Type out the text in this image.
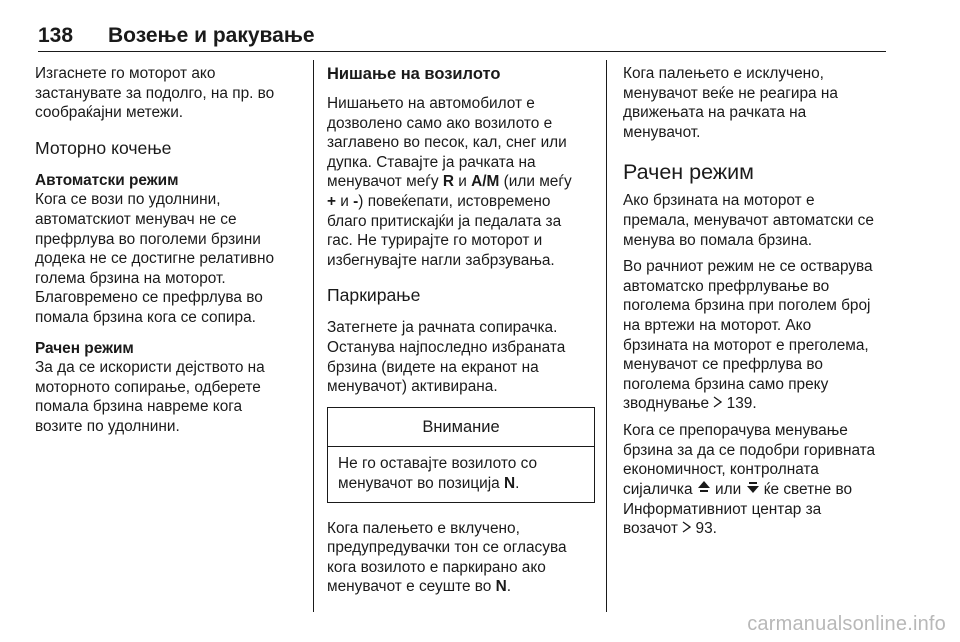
138 Возење и ракување

Изгаснете го моторот ако
застанувате за подолго, на пр. во
сообраќајни метежи.

Моторно кочење
Автоматски режим

Кога се вози по удолнини,
автоматскиот менувач не се
префрлува во поголеми брзини
додека не се достигне релативно
голема брзина на моторот.
Благовремено се префрлува во
помала брзина кога се сопира.

Рачен режим

За да се искористи дејството на
моторното сопирање, одберете
помала брзина навреме кога
возите по удолнини.

Нишање на возилото

Нишањето на автомобилот е
дозволено само ако возилото е
заглавено во песок, кал, снег или
дупка. Ставајте ја рачката на
менувачот меѓу R и A/M (или меѓу
+ и -) повеќепати, истовремено
благо притискајќи ја педалата за
гас. Не турирајте го моторот и
избегнувајте нагли забрзувања.

Паркирање

Затегнете ја рачната сопирачка.
Останува најпоследно избраната
брзина (видете на екранот на
менувачот) активирана.

Внимание
Не го оставајте возилото со
менувачот во позиција N.

Кога палењето е вклучено,
предупредувачки тон се огласува
кога возилото е паркирано ако
менувачот е сеуште во N.

Кога палењето е исклучено,
менувачот веќе не реагира на
движењата на рачката на
менувачот.

Рачен режим

Ако брзината на моторот е
премала, менувачот автоматски се
менува во помала брзина.

Во рачниот режим не се остварува
автоматско префрлување во
поголема брзина при поголем број
на вртежи на моторот. Ако
брзината на моторот е преголема,
менувачот се префрлува во
поголема брзина само преку
зводнување  139.

Кога се препорачува менување
брзина за да се подобри горивната
економичност, контролната
сијаличка  или  ќе светне во
Информативниот центар за
возачот  93.

carmanualsonline.info
